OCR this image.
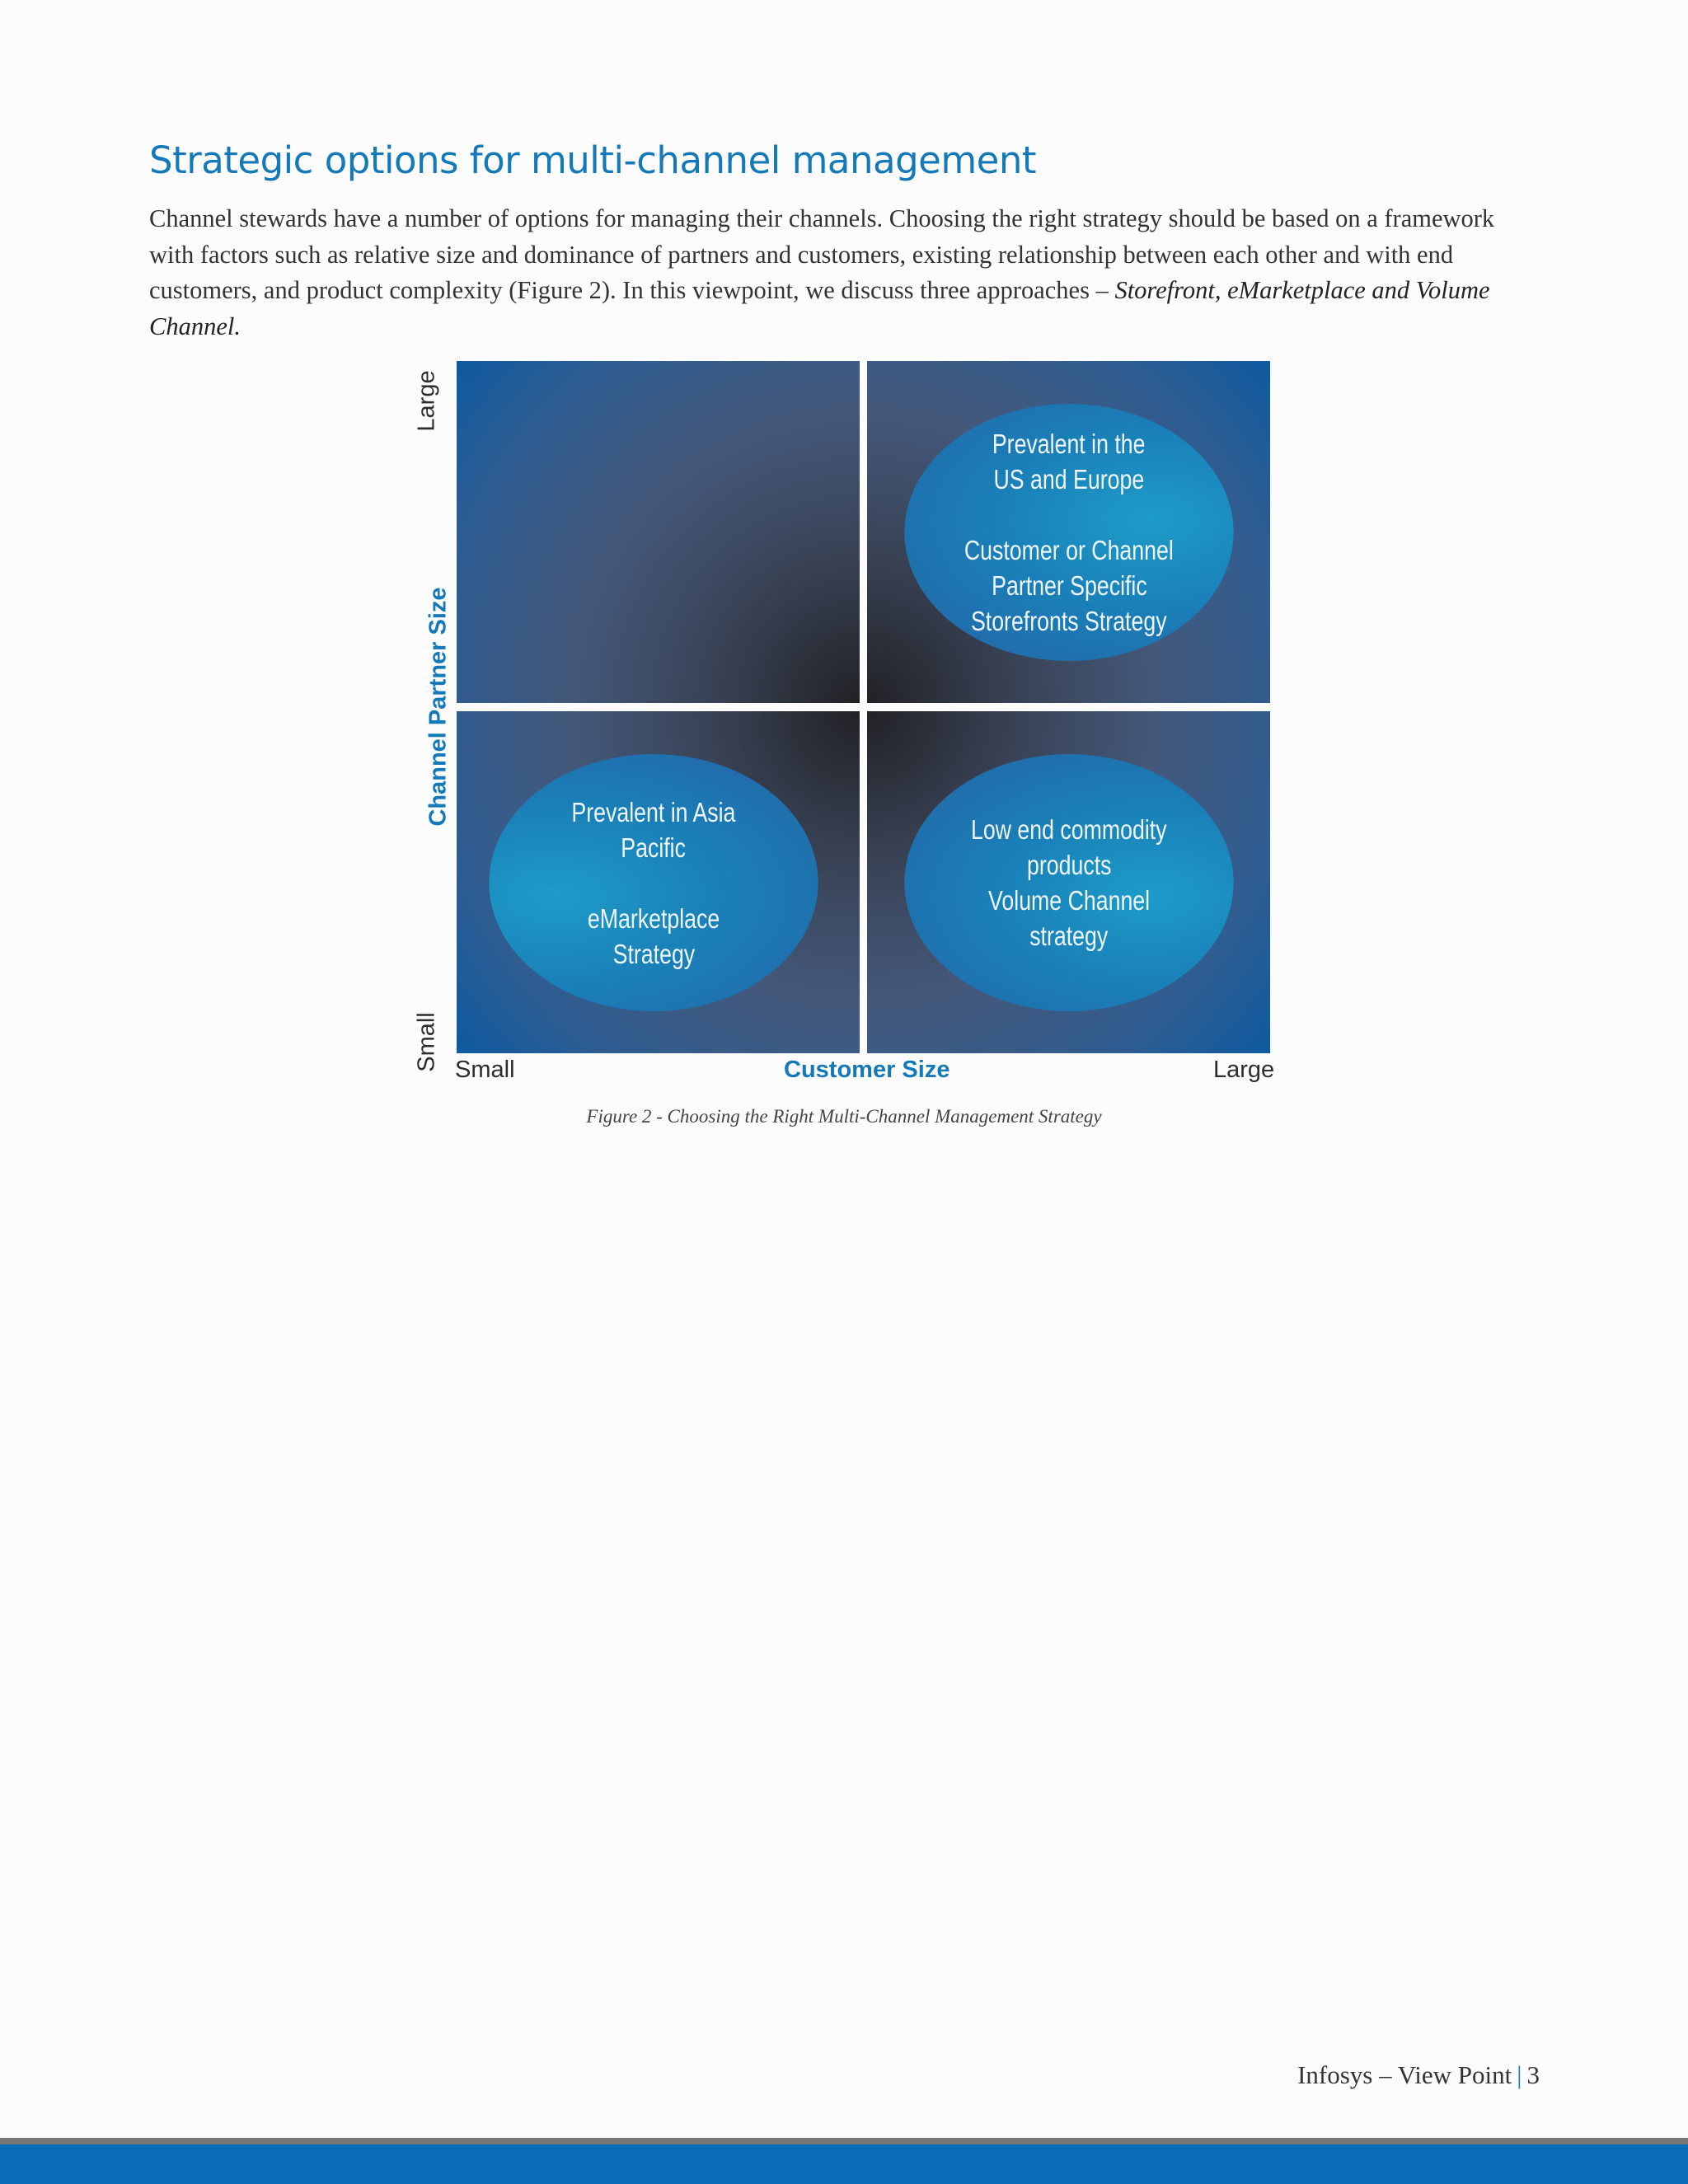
Strategic options for multi-channel management

Channel stewards have a number of options for managing their channels. Choosing the right strategy should be based on a framework with factors such as relative size and dominance of partners and customers, existing relationship between each other and with end customers, and product complexity (Figure 2). In this viewpoint, we discuss three approaches – Storefront, eMarketplace and Volume Channel.

Prevalent in the
US and Europe
Customer or Channel
Partner Specific
Storefronts Strategy
Prevalent in Asia
Pacific
eMarketplace
Strategy
Low end commodity
products
Volume Channel
strategy
Large
Channel Partner Size
Small Small	Customer Size	Large

Figure 2 - Choosing the Right Multi-Channel Management Strategy

Infosys – View Point | 3
